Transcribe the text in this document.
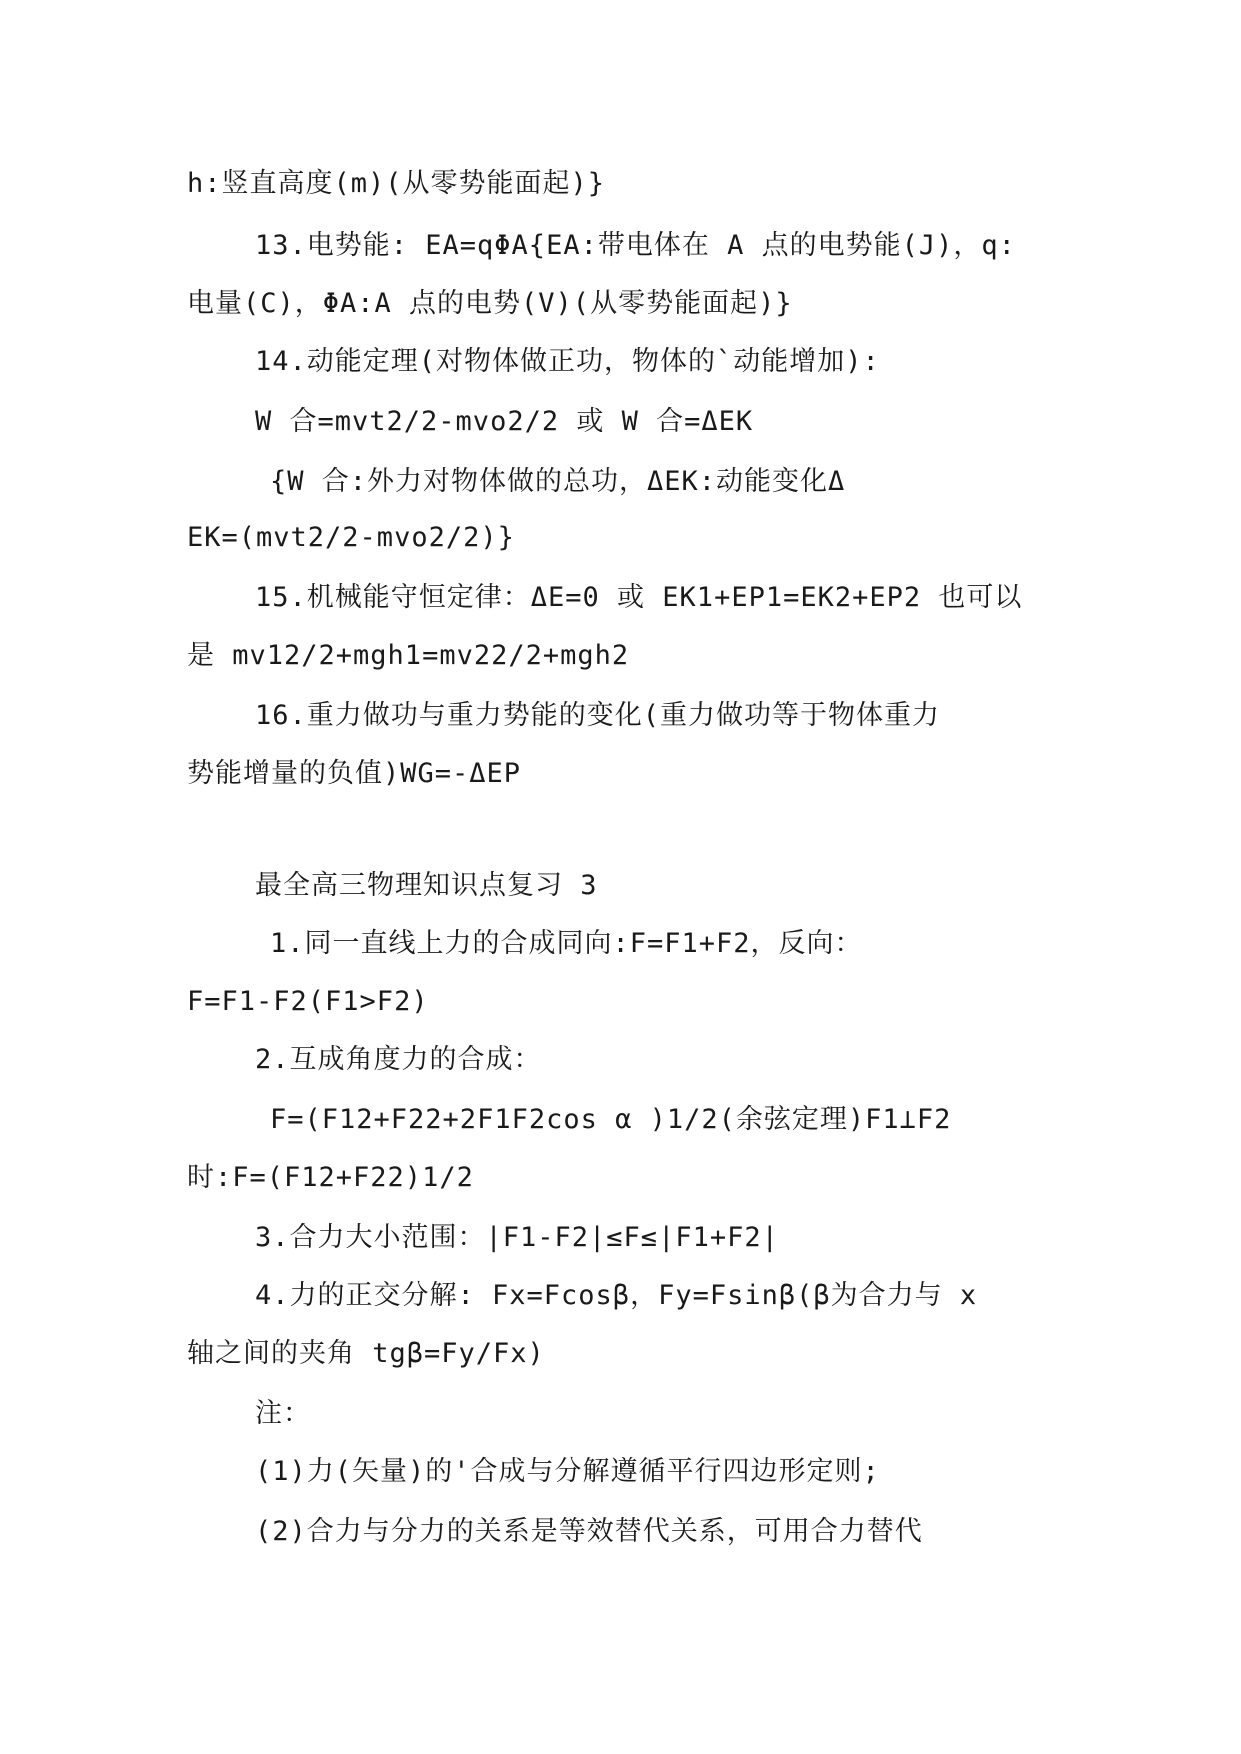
h:竖直高度(m)(从零势能面起)}
13.电势能: EA=qΦA{EA:带电体在 A 点的电势能(J)，q:
电量(C)，ΦA:A 点的电势(V)(从零势能面起)}
14.动能定理(对物体做正功，物体的`动能增加):
W 合=mvt2/2-mvo2/2 或 W 合=ΔEK
{W 合:外力对物体做的总功，ΔEK:动能变化Δ
EK=(mvt2/2-mvo2/2)}
15.机械能守恒定律：ΔE=0 或 EK1+EP1=EK2+EP2 也可以
是 mv12/2+mgh1=mv22/2+mgh2
16.重力做功与重力势能的变化(重力做功等于物体重力
势能增量的负值)WG=-ΔEP
最全高三物理知识点复习 3
1.同一直线上力的合成同向:F=F1+F2，反向：
F=F1-F2(F1>F2)
2.互成角度力的合成：
F=(F12+F22+2F1F2cos α )1/2(余弦定理)F1⊥F2
时:F=(F12+F22)1/2
3.合力大小范围：|F1-F2|≤F≤|F1+F2|
4.力的正交分解: Fx=Fcosβ，Fy=Fsinβ(β为合力与 x
轴之间的夹角 tgβ=Fy/Fx)
注：
(1)力(矢量)的'合成与分解遵循平行四边形定则;
(2)合力与分力的关系是等效替代关系，可用合力替代
